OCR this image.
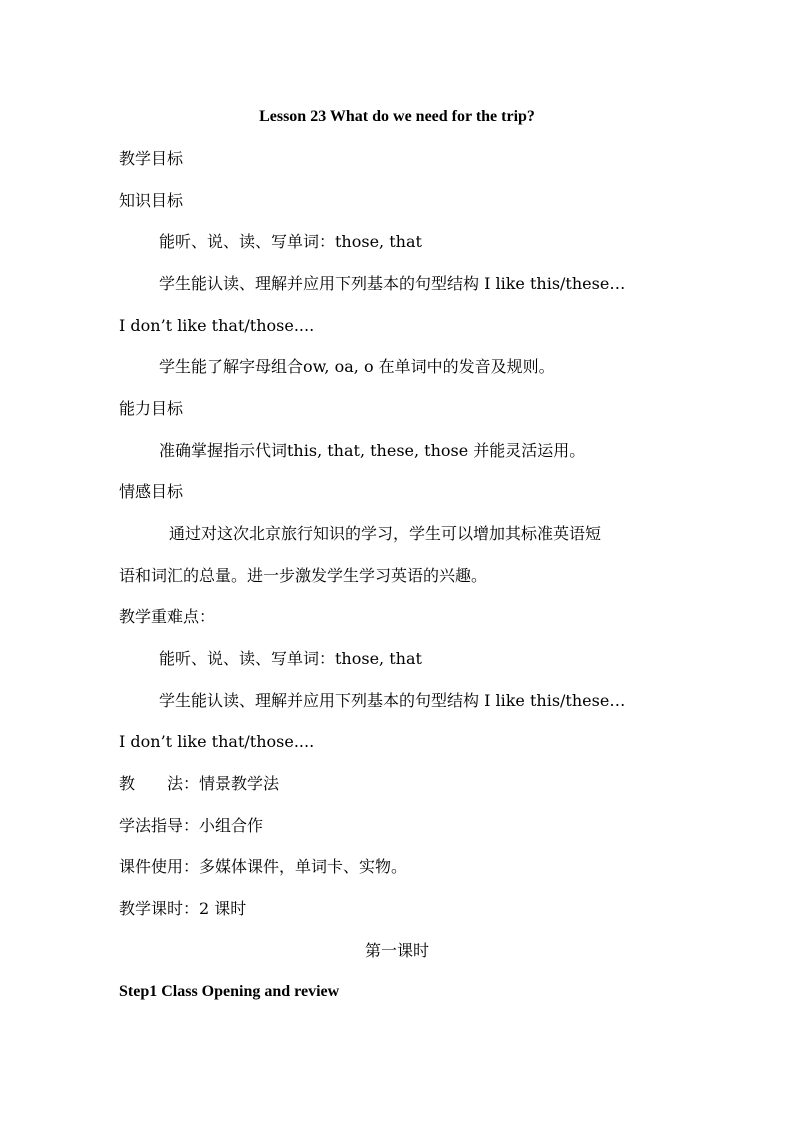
Lesson 23 What do we need for the trip?
教学目标
知识目标
能听、说、读、写单词：those, that
学生能认读、理解并应用下列基本的句型结构 I like this/these…
I don’t like that/those....
学生能了解字母组合ow, oa, o 在单词中的发音及规则。
能力目标
准确掌握指示代词this, that, these, those 并能灵活运用。
情感目标
通过对这次北京旅行知识的学习，学生可以增加其标准英语短
语和词汇的总量。进一步激发学生学习英语的兴趣。
教学重难点：
能听、说、读、写单词：those, that
学生能认读、理解并应用下列基本的句型结构 I like this/these…
I don’t like that/those....
教　　法：情景教学法
学法指导：小组合作
课件使用：多媒体课件，单词卡、实物。
教学课时：2 课时
第一课时
Step1 Class Opening and review
